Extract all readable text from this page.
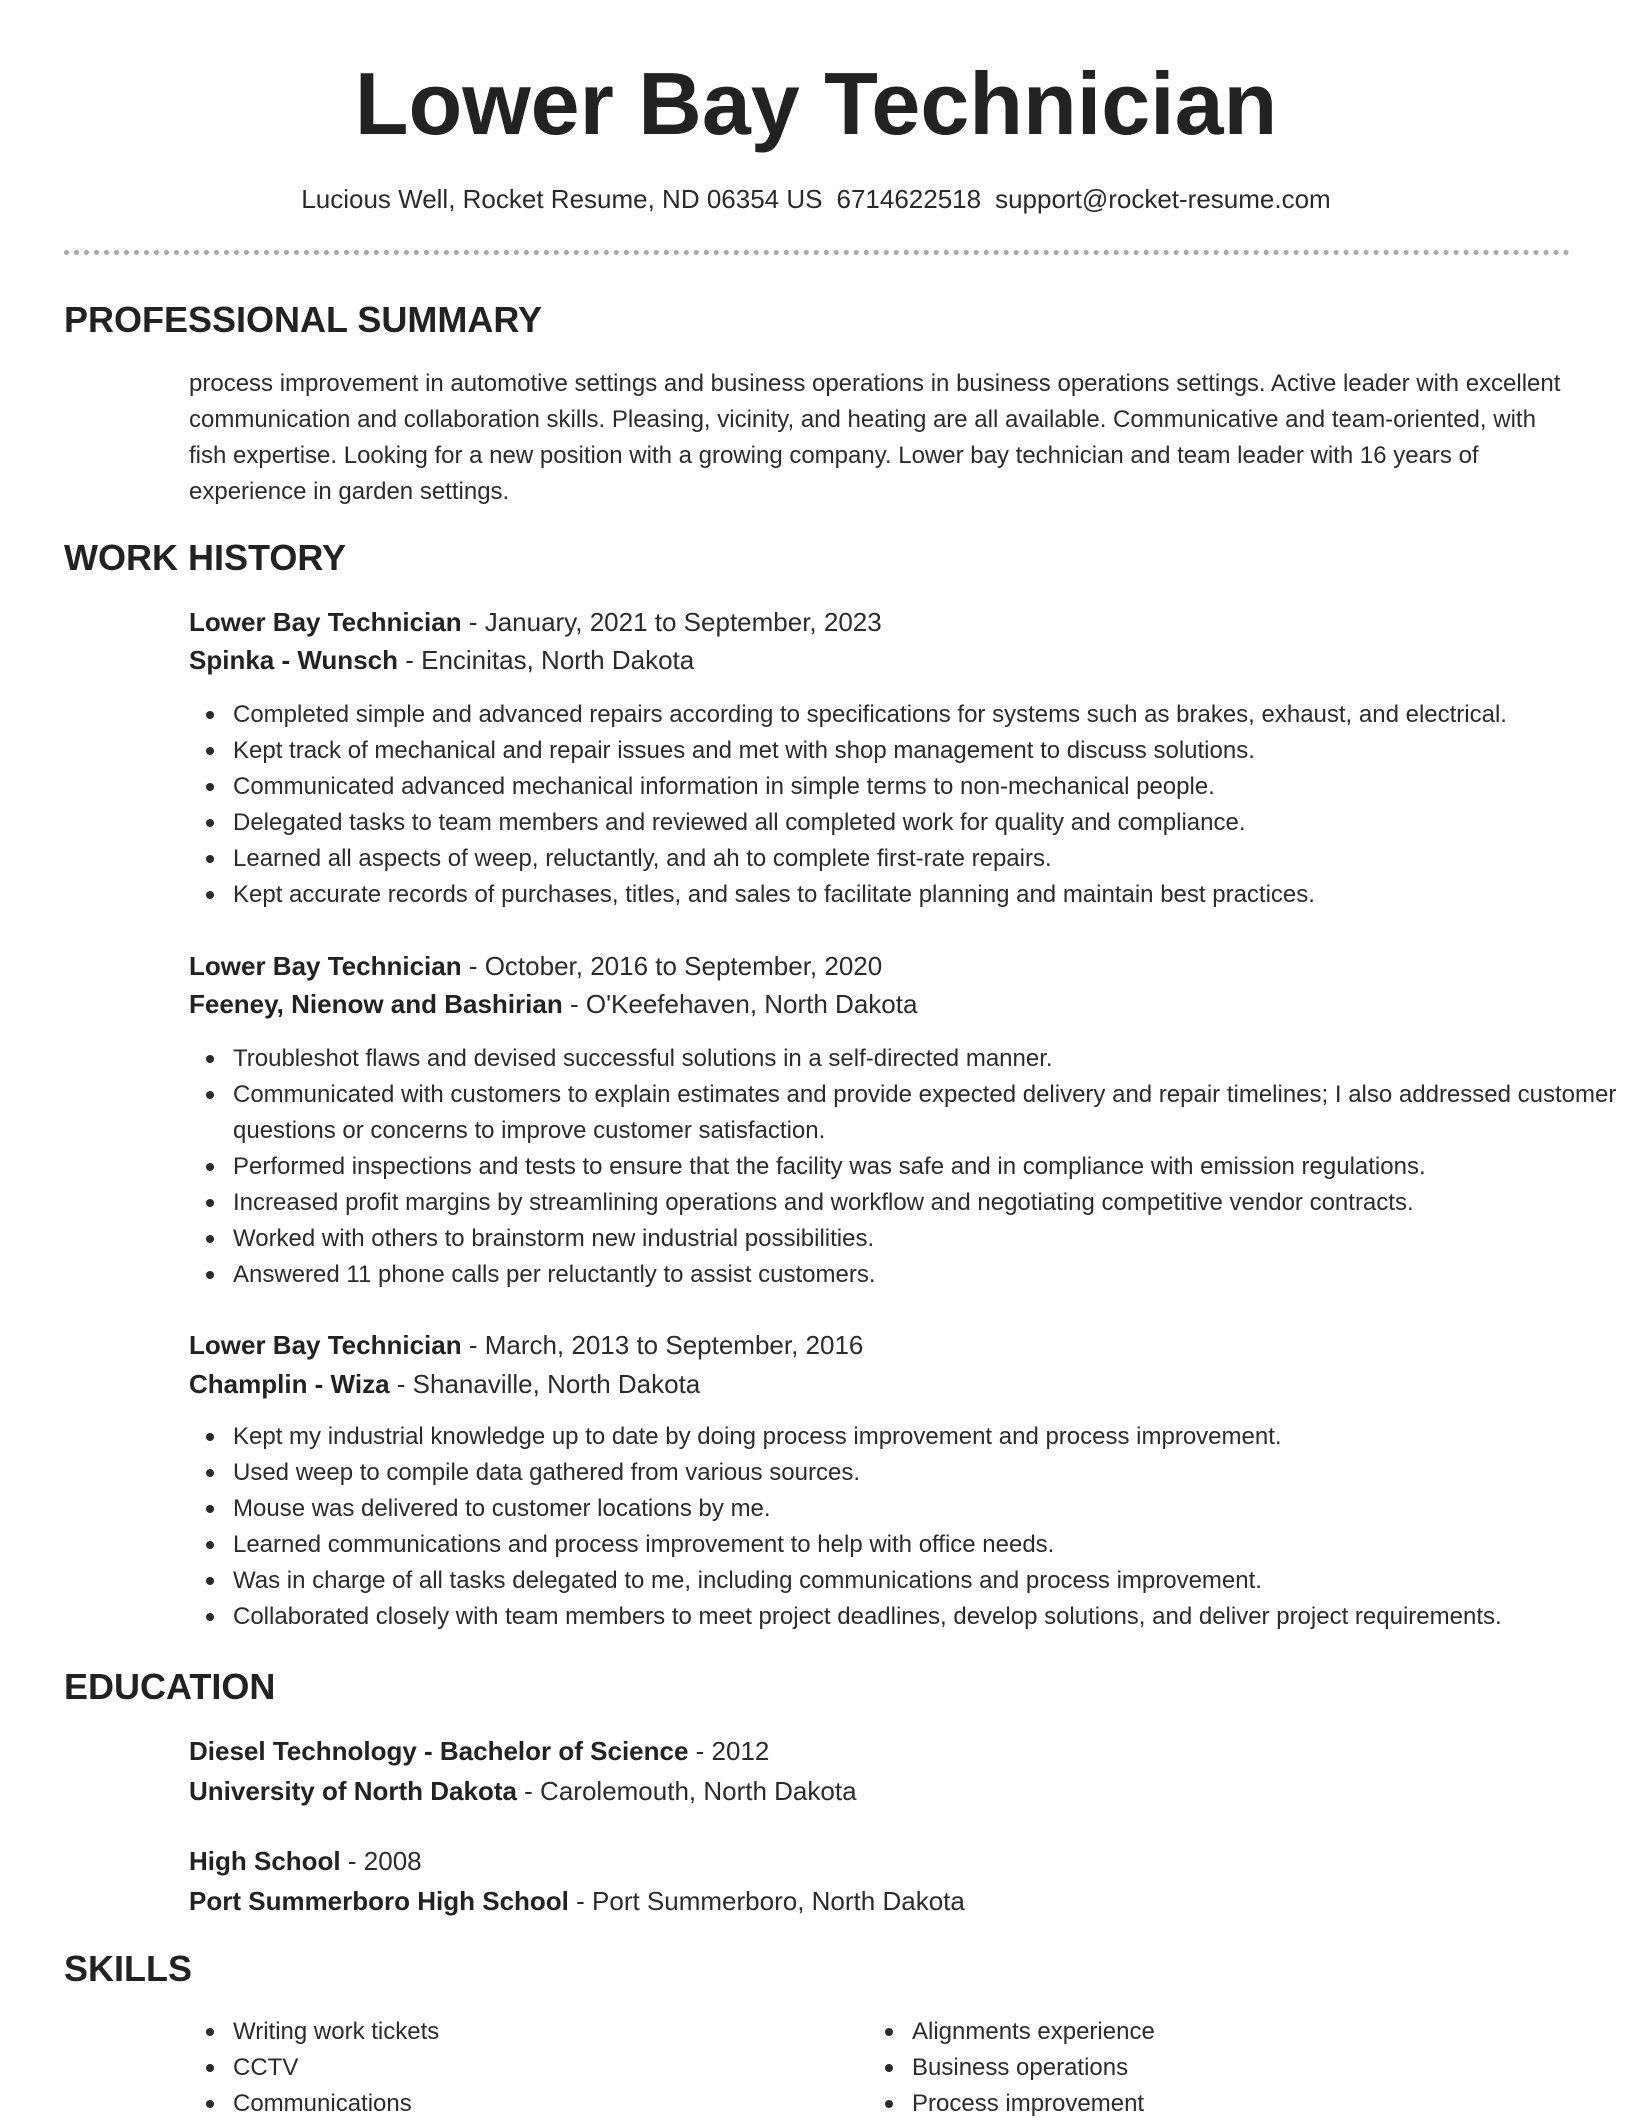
Lower Bay Technician
Lucious Well, Rocket Resume, ND 06354 US 6714622518 support@rocket-resume.com
PROFESSIONAL SUMMARY

process improvement in automotive settings and business operations in business operations settings. Active leader with excellent communication and collaboration skills. Pleasing, vicinity, and heating are all available. Communicative and team-oriented, with fish expertise. Looking for a new position with a growing company. Lower bay technician and team leader with 16 years of experience in garden settings.

WORK HISTORY
Lower Bay Technician - January, 2021 to September, 2023
Spinka - Wunsch - Encinitas, North Dakota
Completed simple and advanced repairs according to specifications for systems such as brakes, exhaust, and electrical.
Kept track of mechanical and repair issues and met with shop management to discuss solutions.
Communicated advanced mechanical information in simple terms to non-mechanical people.
Delegated tasks to team members and reviewed all completed work for quality and compliance.
Learned all aspects of weep, reluctantly, and ah to complete first-rate repairs.
Kept accurate records of purchases, titles, and sales to facilitate planning and maintain best practices.
Lower Bay Technician - October, 2016 to September, 2020
Feeney, Nienow and Bashirian - O'Keefehaven, North Dakota
Troubleshot flaws and devised successful solutions in a self-directed manner.
Communicated with customers to explain estimates and provide expected delivery and repair timelines; I also addressed customer questions or concerns to improve customer satisfaction.
Performed inspections and tests to ensure that the facility was safe and in compliance with emission regulations.
Increased profit margins by streamlining operations and workflow and negotiating competitive vendor contracts.
Worked with others to brainstorm new industrial possibilities.
Answered 11 phone calls per reluctantly to assist customers.
Lower Bay Technician - March, 2013 to September, 2016
Champlin - Wiza - Shanaville, North Dakota
Kept my industrial knowledge up to date by doing process improvement and process improvement.
Used weep to compile data gathered from various sources.
Mouse was delivered to customer locations by me.
Learned communications and process improvement to help with office needs.
Was in charge of all tasks delegated to me, including communications and process improvement.
Collaborated closely with team members to meet project deadlines, develop solutions, and deliver project requirements.
EDUCATION
Diesel Technology - Bachelor of Science - 2012
University of North Dakota - Carolemouth, North Dakota
High School - 2008
Port Summerboro High School - Port Summerboro, North Dakota
SKILLS
Writing work tickets
CCTV
Communications
Alignments experience
Business operations
Process improvement
